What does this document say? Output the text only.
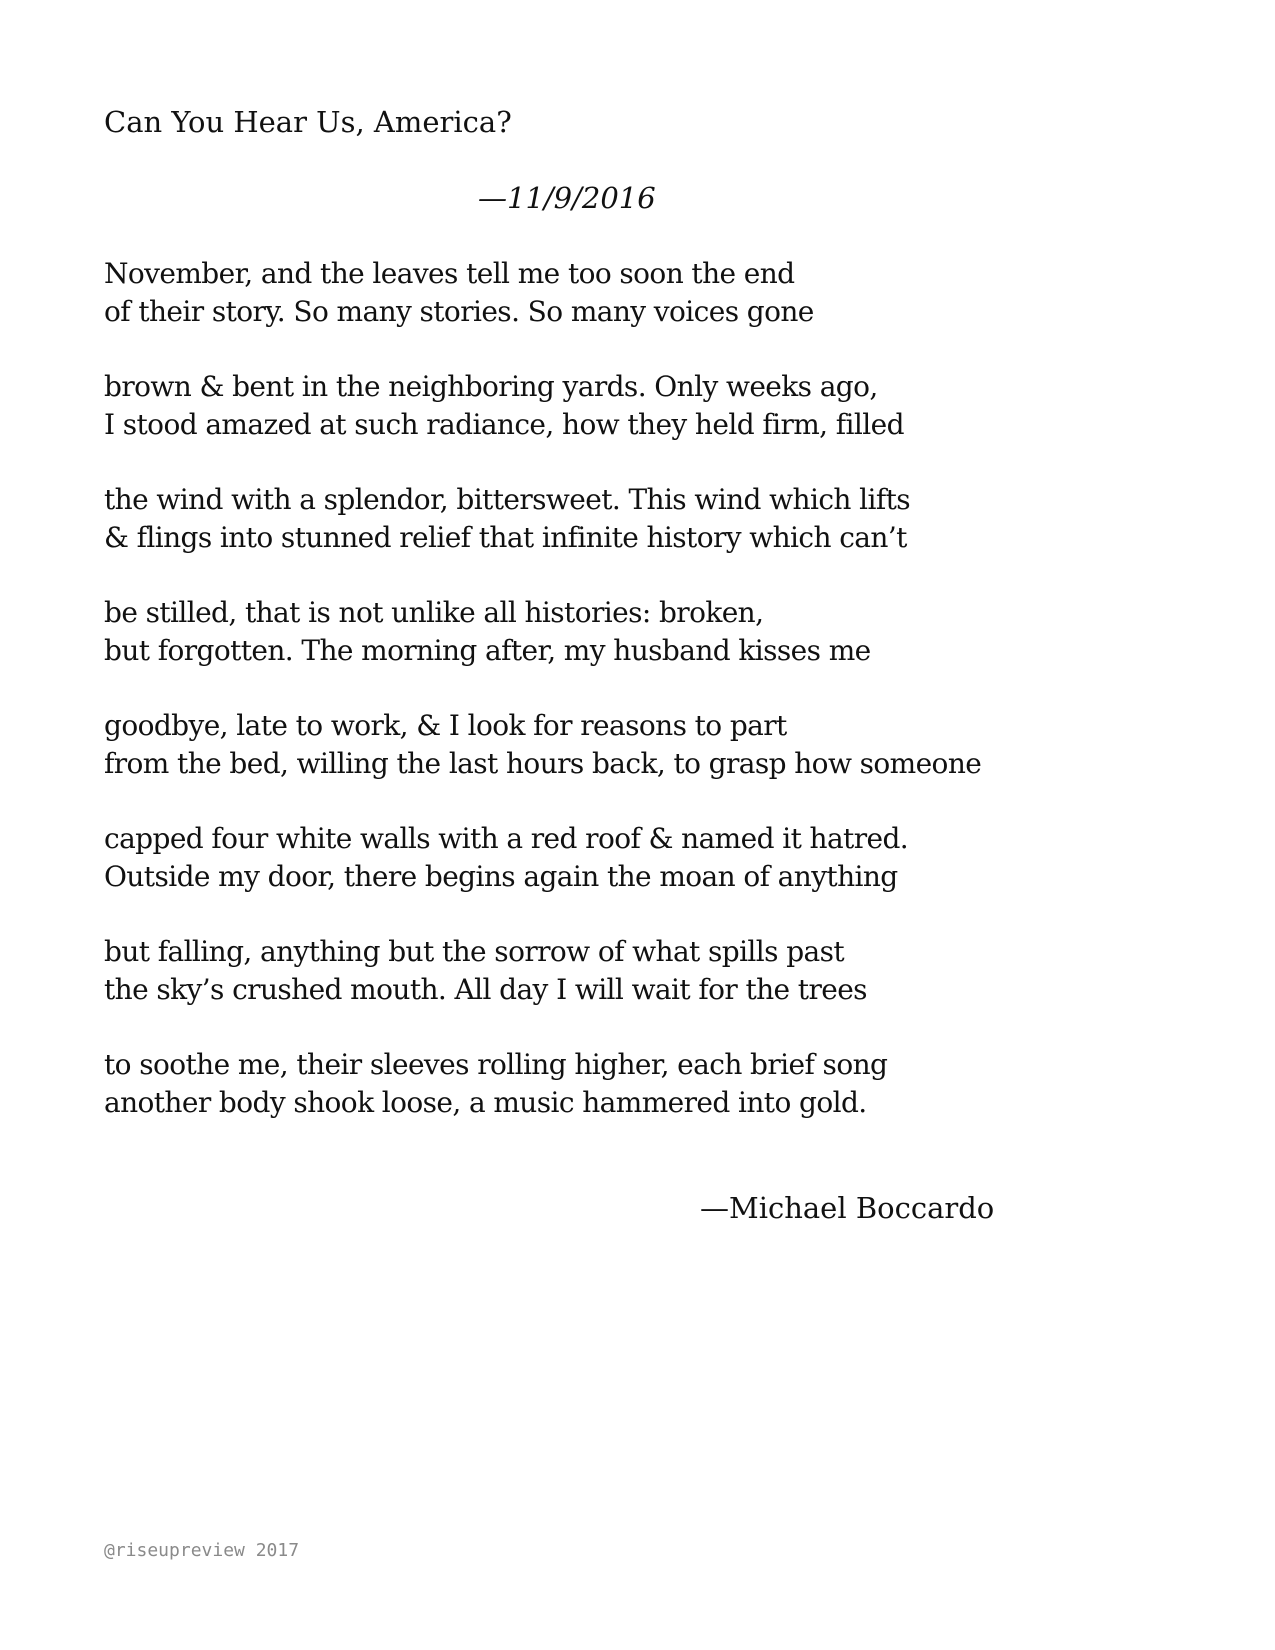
Can You Hear Us, America?
—11/9/2016
November, and the leaves tell me too soon the end
of their story. So many stories. So many voices gone
brown & bent in the neighboring yards. Only weeks ago,
I stood amazed at such radiance, how they held firm, filled
the wind with a splendor, bittersweet. This wind which lifts
& flings into stunned relief that infinite history which can’t
be stilled, that is not unlike all histories: broken,
but forgotten. The morning after, my husband kisses me
goodbye, late to work, & I look for reasons to part
from the bed, willing the last hours back, to grasp how someone
capped four white walls with a red roof & named it hatred.
Outside my door, there begins again the moan of anything
but falling, anything but the sorrow of what spills past
the sky’s crushed mouth. All day I will wait for the trees
to soothe me, their sleeves rolling higher, each brief song
another body shook loose, a music hammered into gold.
—Michael Boccardo
@riseupreview 2017
